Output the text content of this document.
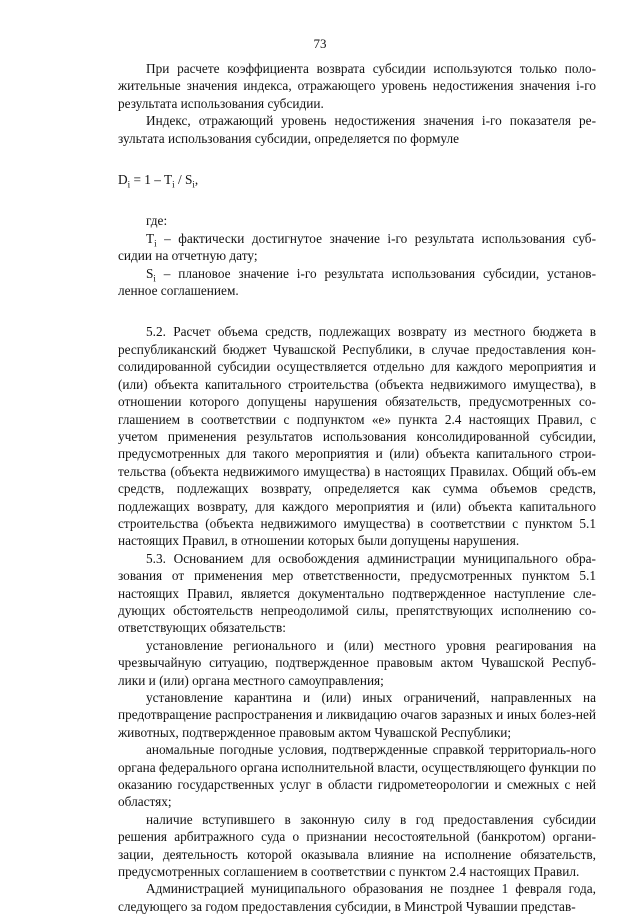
73

При расчете коэффициента возврата субсидии используются только поло-жительные значения индекса, отражающего уровень недостижения значения i-го результата использования субсидии.

Индекс, отражающий уровень недостижения значения i-го показателя ре-зультата использования субсидии, определяется по формуле

$D_i = 1 - T_i / S_i$,

где:

$T_i$ – фактически достигнутое значение i-го результата использования суб-сидии на отчетную дату;

$S_i$ – плановое значение i-го результата использования субсидии, установ-ленное соглашением.

5.2. Расчет объема средств, подлежащих возврату из местного бюджета в республиканский бюджет Чувашской Республики, в случае предоставления кон-солидированной субсидии осуществляется отдельно для каждого мероприятия и (или) объекта капитального строительства (объекта недвижимого имущества), в отношении которого допущены нарушения обязательств, предусмотренных со-глашением в соответствии с подпунктом «е» пункта 2.4 настоящих Правил, с учетом применения результатов использования консолидированной субсидии, предусмотренных для такого мероприятия и (или) объекта капитального строи-тельства (объекта недвижимого имущества) в настоящих Правилах. Общий объ-ем средств, подлежащих возврату, определяется как сумма объемов средств, подлежащих возврату, для каждого мероприятия и (или) объекта капитального строительства (объекта недвижимого имущества) в соответствии с пунктом 5.1 настоящих Правил, в отношении которых были допущены нарушения.

5.3. Основанием для освобождения администрации муниципального обра-зования от применения мер ответственности, предусмотренных пунктом 5.1 настоящих Правил, является документально подтвержденное наступление сле-дующих обстоятельств непреодолимой силы, препятствующих исполнению со-ответствующих обязательств:

установление регионального и (или) местного уровня реагирования на чрезвычайную ситуацию, подтвержденное правовым актом Чувашской Респуб-лики и (или) органа местного самоуправления;

установление карантина и (или) иных ограничений, направленных на предотвращение распространения и ликвидацию очагов заразных и иных болез-ней животных, подтвержденное правовым актом Чувашской Республики;

аномальные погодные условия, подтвержденные справкой территориаль-ного органа федерального органа исполнительной власти, осуществляющего функции по оказанию государственных услуг в области гидрометеорологии и смежных с ней областях;

наличие вступившего в законную силу в год предоставления субсидии решения арбитражного суда о признании несостоятельной (банкротом) органи-зации, деятельность которой оказывала влияние на исполнение обязательств, предусмотренных соглашением в соответствии с пунктом 2.4 настоящих Правил.

Администрацией муниципального образования не позднее 1 февраля года, следующего за годом предоставления субсидии, в Минстрой Чувашии представ-
